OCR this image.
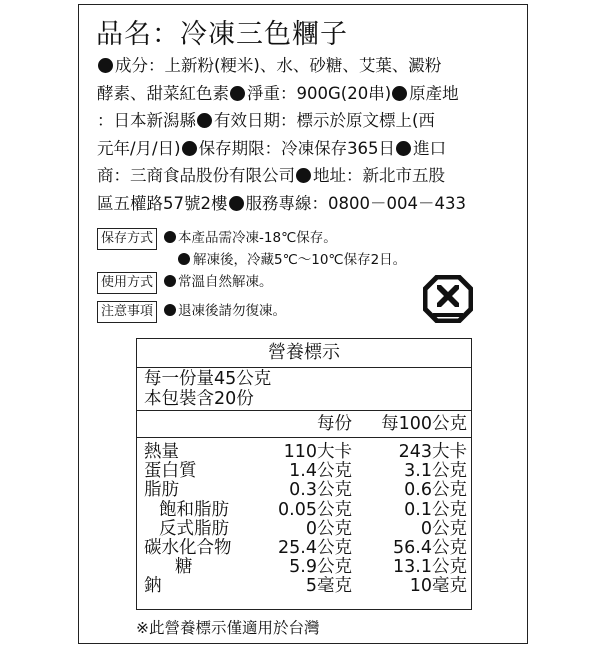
品名：冷凍三色糰子
成分：上新粉(粳米)、水、砂糖、艾葉、澱粉
酵素、甜菜紅色素 淨重：900G(20串) 原產地
：日本新潟縣 有效日期：標示於原文標上(西
元年/月/日) 保存期限：冷凍保存365日 進口
商：三商食品股份有限公司 地址：新北市五股
區五權路57號2樓 服務專線：0800－004－433
保存方式	本產品需冷凍-18℃保存。
解凍後，冷藏5℃～10℃保存2日。
使用方式	常溫自然解凍。
注意事項	退凍後請勿復凍。
營養標示
每一份量45公克
本包裝含20份
每份 每100公克
熱量	110大卡	243大卡
蛋白質	1.4公克	3.1公克
脂肪	0.3公克	0.6公克
飽和脂肪	0.05公克	0.1公克
反式脂肪	0公克	0公克
碳水化合物	25.4公克 56.4公克
糖	5.9公克 13.1公克
鈉	5毫克	10毫克
※此營養標示僅適用於台灣
